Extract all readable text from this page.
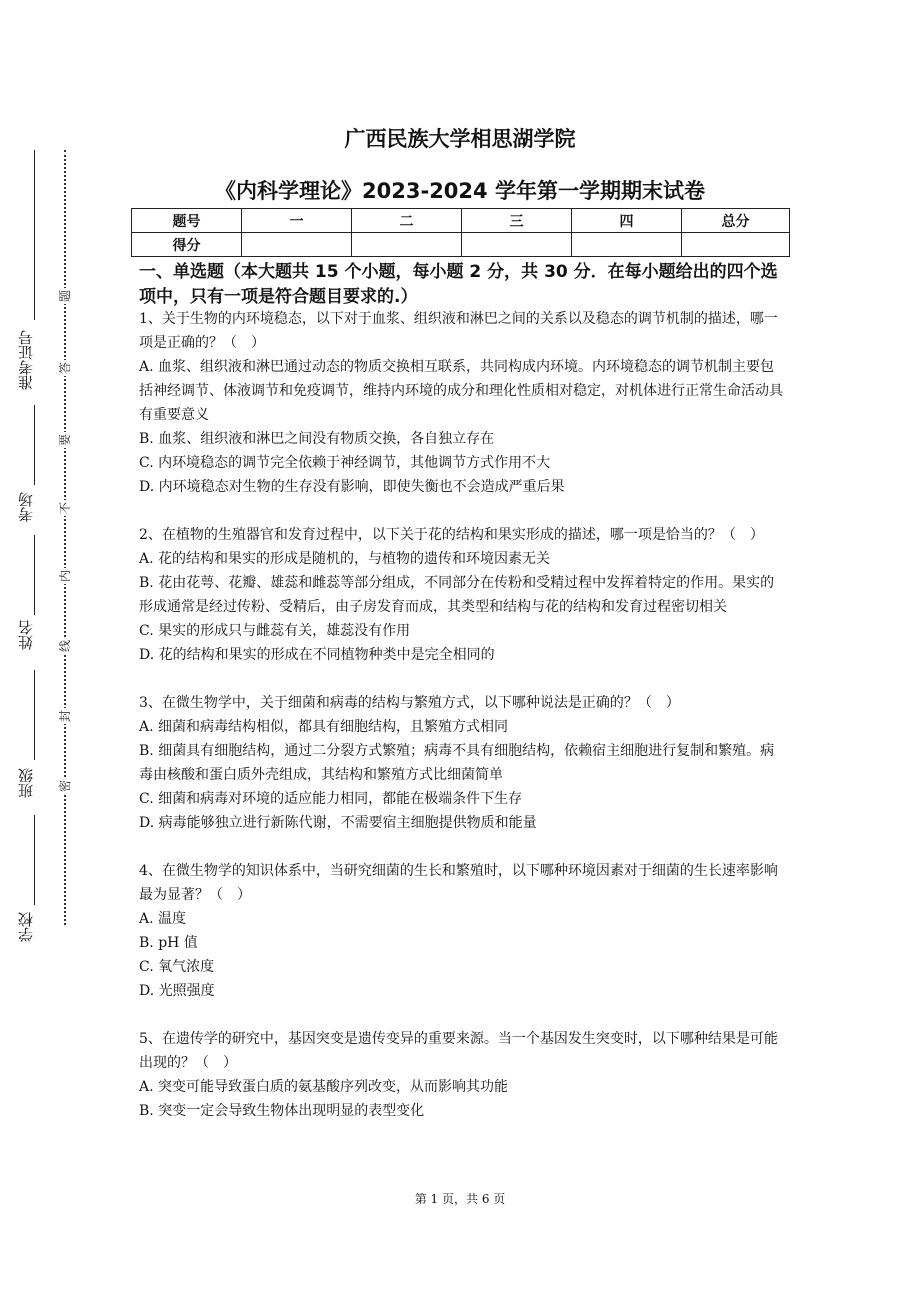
准考证号
考场
姓名
班级
学校
题
答
要
不
内
线
封
密
广西民族大学相思湖学院
《内科学理论》2023-2024 学年第一学期期末试卷
题号	一	二	三	四	总分
得分					
一、单选题（本大题共 15 个小题，每小题 2 分，共 30 分．在每小题给出的四个选项中，只有一项是符合题目要求的.）

1、关于生物的内环境稳态，以下对于血浆、组织液和淋巴之间的关系以及稳态的调节机制的描述，哪一项是正确的？（　）

A. 血浆、组织液和淋巴通过动态的物质交换相互联系，共同构成内环境。内环境稳态的调节机制主要包括神经调节、体液调节和免疫调节，维持内环境的成分和理化性质相对稳定，对机体进行正常生命活动具有重要意义

B. 血浆、组织液和淋巴之间没有物质交换，各自独立存在

C. 内环境稳态的调节完全依赖于神经调节，其他调节方式作用不大

D. 内环境稳态对生物的生存没有影响，即使失衡也不会造成严重后果

2、在植物的生殖器官和发育过程中，以下关于花的结构和果实形成的描述，哪一项是恰当的？（　）

A. 花的结构和果实的形成是随机的，与植物的遗传和环境因素无关

B. 花由花萼、花瓣、雄蕊和雌蕊等部分组成，不同部分在传粉和受精过程中发挥着特定的作用。果实的形成通常是经过传粉、受精后，由子房发育而成，其类型和结构与花的结构和发育过程密切相关

C. 果实的形成只与雌蕊有关，雄蕊没有作用

D. 花的结构和果实的形成在不同植物种类中是完全相同的

3、在微生物学中，关于细菌和病毒的结构与繁殖方式，以下哪种说法是正确的？（　）

A. 细菌和病毒结构相似，都具有细胞结构，且繁殖方式相同

B. 细菌具有细胞结构，通过二分裂方式繁殖；病毒不具有细胞结构，依赖宿主细胞进行复制和繁殖。病毒由核酸和蛋白质外壳组成，其结构和繁殖方式比细菌简单

C. 细菌和病毒对环境的适应能力相同，都能在极端条件下生存

D. 病毒能够独立进行新陈代谢，不需要宿主细胞提供物质和能量

4、在微生物学的知识体系中，当研究细菌的生长和繁殖时，以下哪种环境因素对于细菌的生长速率影响最为显著？（　）

A. 温度

B. pH 值

C. 氧气浓度

D. 光照强度

5、在遗传学的研究中，基因突变是遗传变异的重要来源。当一个基因发生突变时，以下哪种结果是可能出现的？（　）

A. 突变可能导致蛋白质的氨基酸序列改变，从而影响其功能

B. 突变一定会导致生物体出现明显的表型变化

第 1 页，共 6 页
